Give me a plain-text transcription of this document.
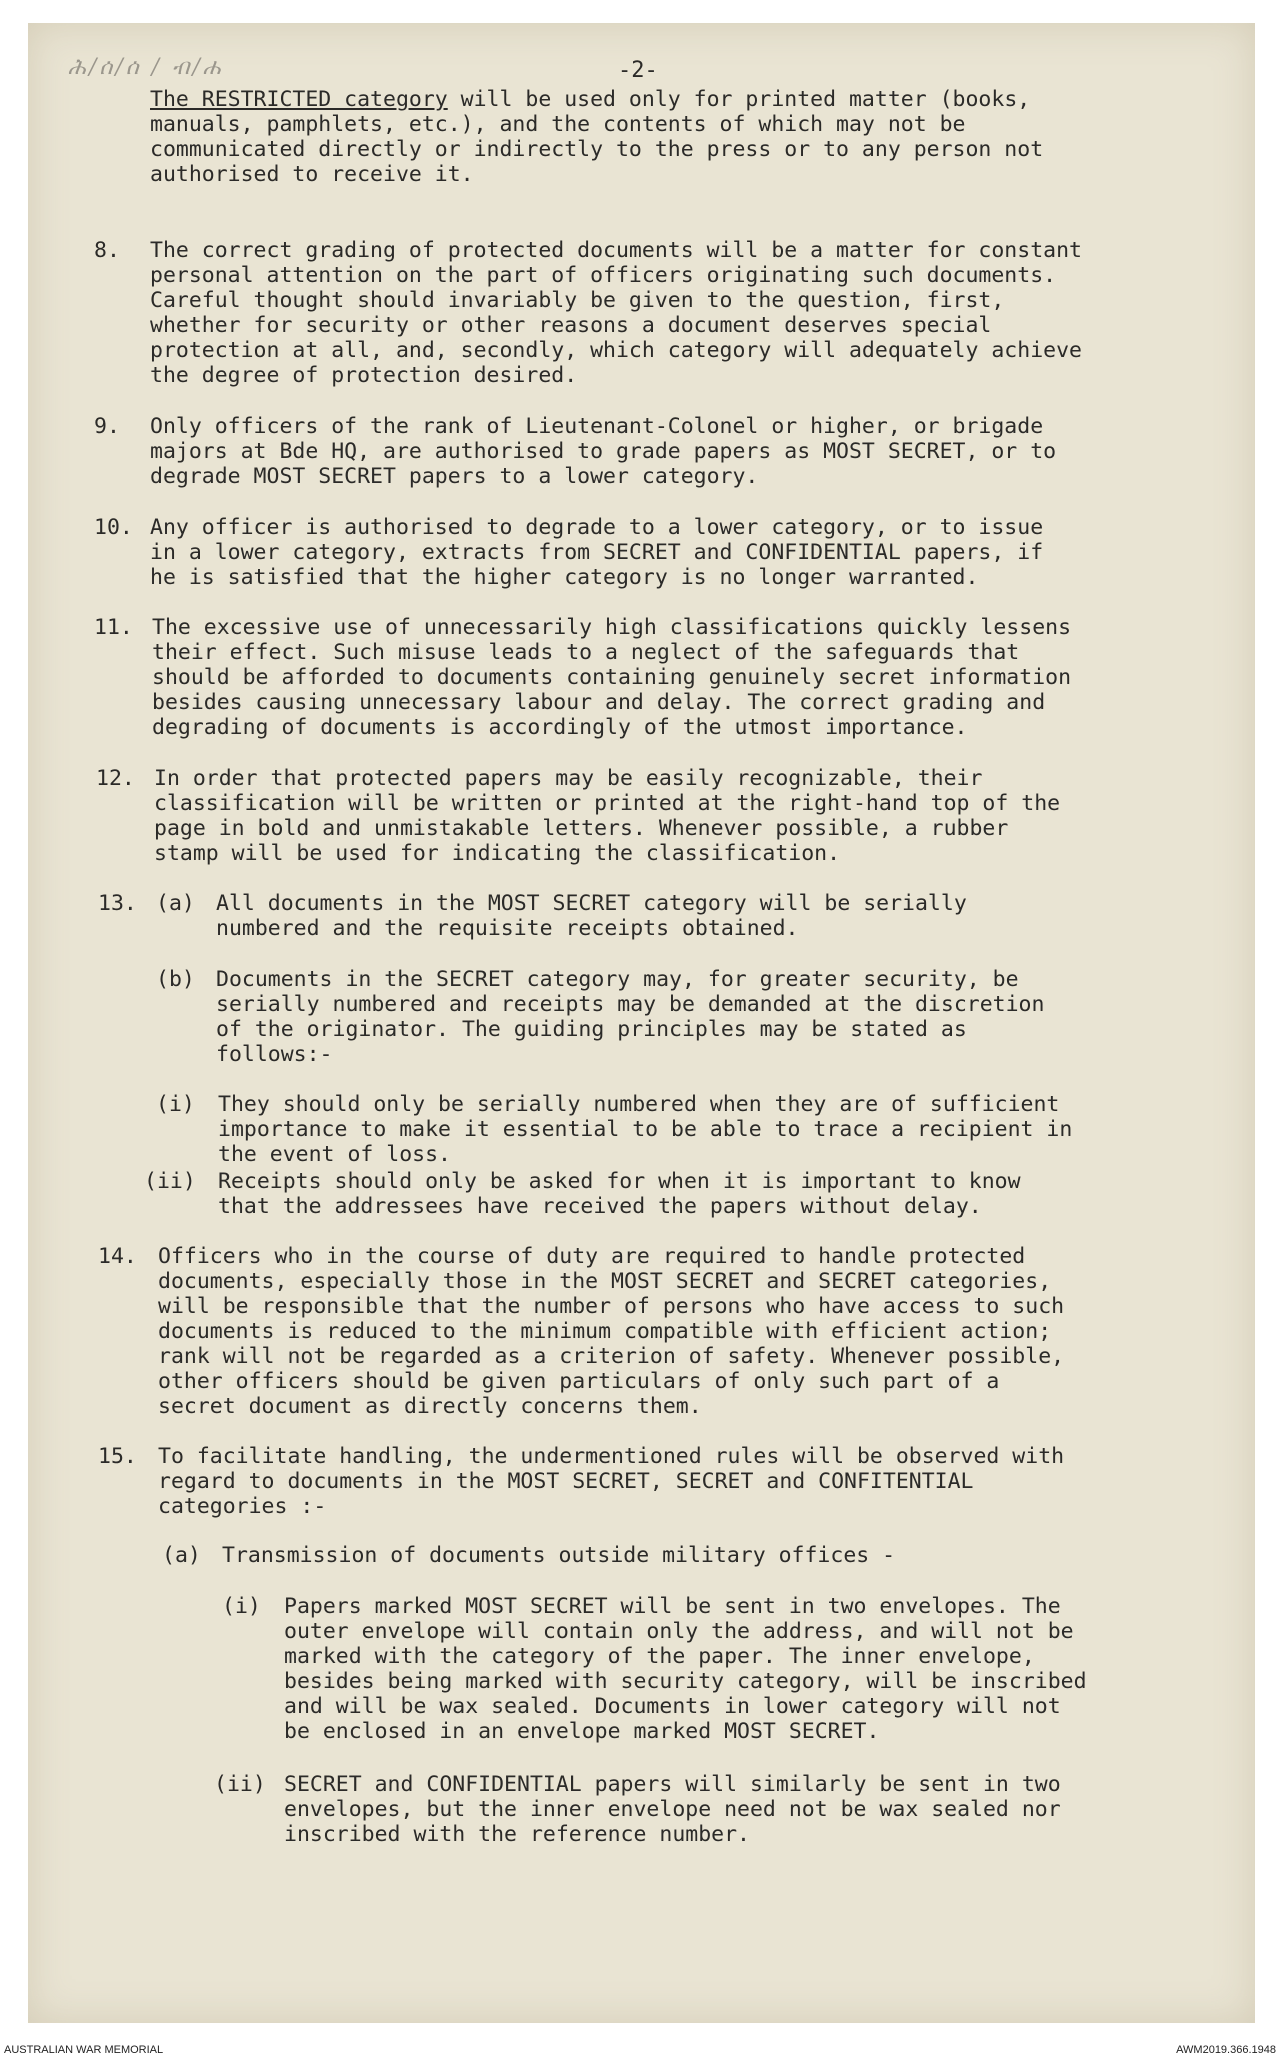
ሕ/ሰ/ሰ / ብ/ሐ	-2-
The RESTRICTED category will be used only for printed matter (books,
manuals, pamphlets, etc.), and the contents of which may not be
communicated directly or indirectly to the press or to any person not
authorised to receive it.
8. The correct grading of protected documents will be a matter for constant
personal attention on the part of officers originating such documents.
Careful thought should invariably be given to the question, first,
whether for security or other reasons a document deserves special
protection at all, and, secondly, which category will adequately achieve
the degree of protection desired.
9. Only officers of the rank of Lieutenant-Colonel or higher, or brigade
majors at Bde HQ, are authorised to grade papers as MOST SECRET, or to
degrade MOST SECRET papers to a lower category.
10. Any officer is authorised to degrade to a lower category, or to issue
in a lower category, extracts from SECRET and CONFIDENTIAL papers, if
he is satisfied that the higher category is no longer warranted.
11. The excessive use of unnecessarily high classifications quickly lessens
their effect. Such misuse leads to a neglect of the safeguards that
should be afforded to documents containing genuinely secret information
besides causing unnecessary labour and delay. The correct grading and
degrading of documents is accordingly of the utmost importance.
12. In order that protected papers may be easily recognizable, their
classification will be written or printed at the right-hand top of the
page in bold and unmistakable letters. Whenever possible, a rubber
stamp will be used for indicating the classification.
13. (a) All documents in the MOST SECRET category will be serially
numbered and the requisite receipts obtained.
(b) Documents in the SECRET category may, for greater security, be
serially numbered and receipts may be demanded at the discretion
of the originator. The guiding principles may be stated as
follows:-
(i) They should only be serially numbered when they are of sufficient
importance to make it essential to be able to trace a recipient in
the event of loss.
(ii) Receipts should only be asked for when it is important to know
that the addressees have received the papers without delay.
14. Officers who in the course of duty are required to handle protected
documents, especially those in the MOST SECRET and SECRET categories,
will be responsible that the number of persons who have access to such
documents is reduced to the minimum compatible with efficient action;
rank will not be regarded as a criterion of safety. Whenever possible,
other officers should be given particulars of only such part of a
secret document as directly concerns them.
15. To facilitate handling, the undermentioned rules will be observed with
regard to documents in the MOST SECRET, SECRET and CONFITENTIAL
categories :-
(a) Transmission of documents outside military offices -
(i) Papers marked MOST SECRET will be sent in two envelopes. The
outer envelope will contain only the address, and will not be
marked with the category of the paper. The inner envelope,
besides being marked with security category, will be inscribed
and will be wax sealed. Documents in lower category will not
be enclosed in an envelope marked MOST SECRET.
(ii) SECRET and CONFIDENTIAL papers will similarly be sent in two
envelopes, but the inner envelope need not be wax sealed nor
inscribed with the reference number.
AUSTRALIAN WAR MEMORIAL	AWM2019.366.1948
